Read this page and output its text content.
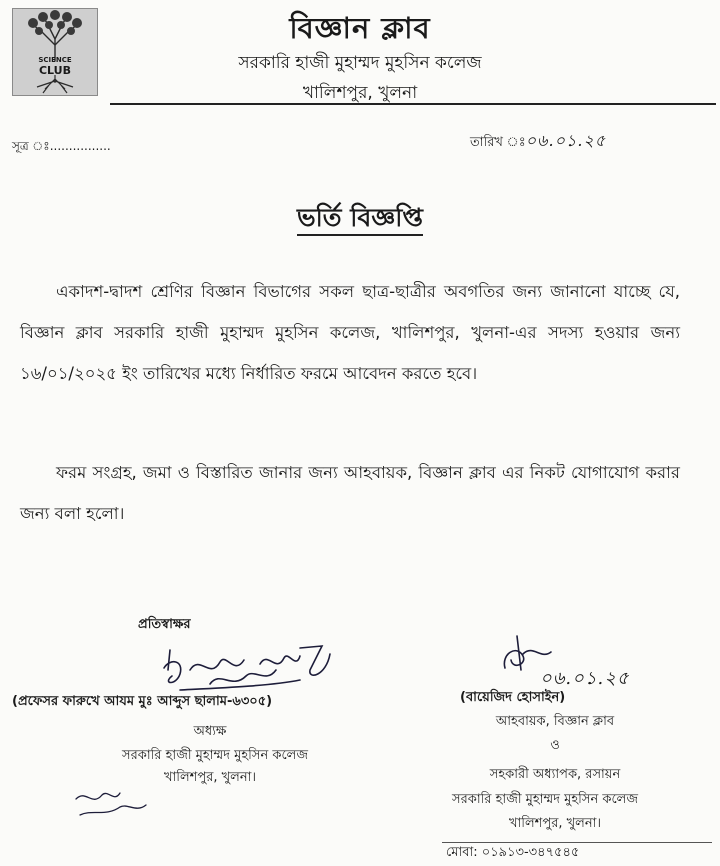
SCIENCE
CLUB
বিজ্ঞান ক্লাব
সরকারি হাজী মুহাম্মদ মুহসিন কলেজ
খালিশপুর, খুলনা
সূত্র ঃ................	তারিখ ঃ০৬.০১.২৫
ভর্তি বিজ্ঞপ্তি
একাদশ-দ্বাদশ শ্রেণির বিজ্ঞান বিভাগের সকল ছাত্র-ছাত্রীর অবগতির জন্য জানানো যাচ্ছে যে, বিজ্ঞান ক্লাব সরকারি হাজী মুহাম্মদ মুহসিন কলেজ, খালিশপুর, খুলনা-এর সদস্য হওয়ার জন্য ১৬/০১/২০২৫ ইং তারিখের মধ্যে নির্ধারিত ফরমে আবেদন করতে হবে।
ফরম সংগ্রহ, জমা ও বিস্তারিত জানার জন্য আহবায়ক, বিজ্ঞান ক্লাব এর নিকট যোগাযোগ করার জন্য বলা হলো।
প্রতিস্বাক্ষর
(প্রফেসর ফারুখে আযম মুঃ আব্দুস ছালাম-৬৩০৫)
অধ্যক্ষ
সরকারি হাজী মুহাম্মদ মুহসিন কলেজ
খালিশপুর, খুলনা।
০৬.০১.২৫
(বায়েজিদ হোসাইন)
আহবায়ক, বিজ্ঞান ক্লাব
ও
সহকারী অধ্যাপক, রসায়ন
সরকারি হাজী মুহাম্মদ মুহসিন কলেজ
খালিশপুর, খুলনা।
মোবা: ০১৯১৩-৩৪৭৫৪৫
